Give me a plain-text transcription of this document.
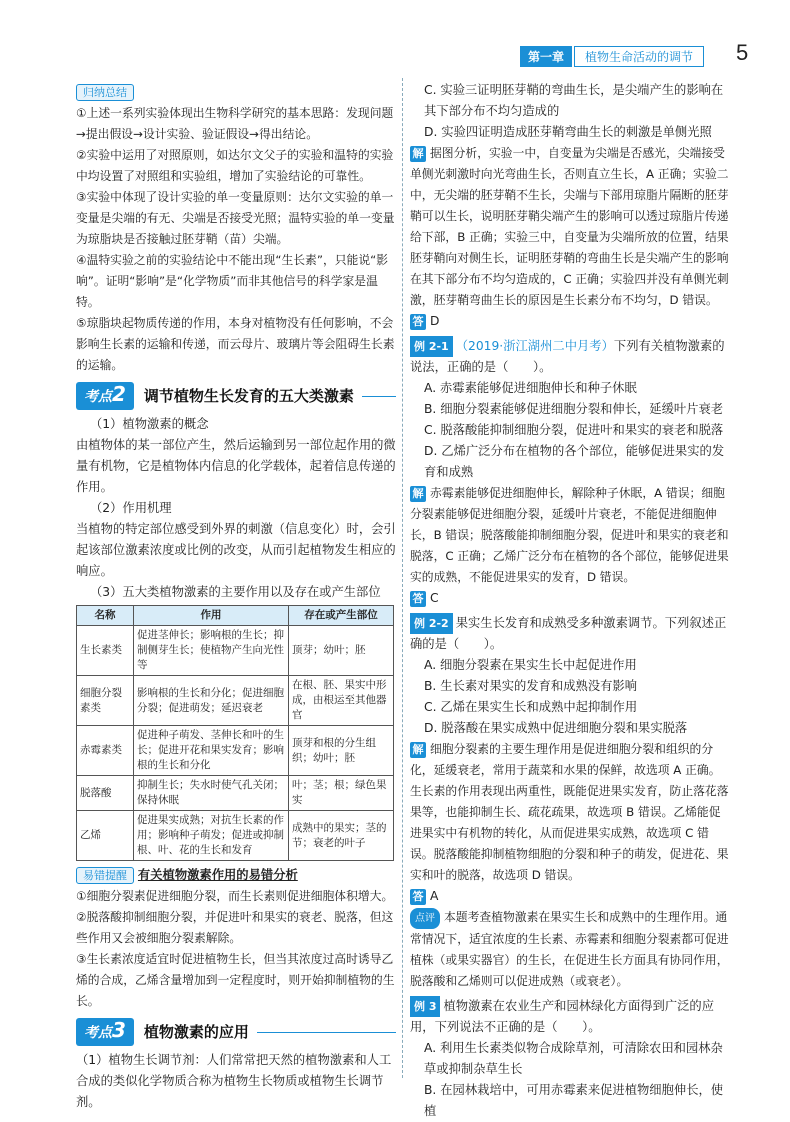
第一章	植物生命活动的调节	5
归纳总结

①上述一系列实验体现出生物科学研究的基本思路：发现问题→提出假设→设计实验、验证假设→得出结论。

②实验中运用了对照原则，如达尔文父子的实验和温特的实验中均设置了对照组和实验组，增加了实验结论的可靠性。

③实验中体现了设计实验的单一变量原则：达尔文实验的单一变量是尖端的有无、尖端是否接受光照；温特实验的单一变量为琼脂块是否接触过胚芽鞘（苗）尖端。

④温特实验之前的实验结论中不能出现“生长素”，只能说“影响”。证明“影响”是“化学物质”而非其他信号的科学家是温特。

⑤琼脂块起物质传递的作用，本身对植物没有任何影响，不会影响生长素的运输和传递，而云母片、玻璃片等会阻碍生长素的运输。

考点2	调节植物生长发育的五大类激素

（1）植物激素的概念

由植物体的某一部位产生，然后运输到另一部位起作用的微量有机物，它是植物体内信息的化学载体，起着信息传递的作用。

（2）作用机理

当植物的特定部位感受到外界的刺激（信息变化）时，会引起该部位激素浓度或比例的改变，从而引起植物发生相应的响应。

（3）五大类植物激素的主要作用以及存在或产生部位

名称	作用	存在或产生部位
生长素类	促进茎伸长；影响根的生长；抑制侧芽生长；使植物产生向光性等	顶芽；幼叶；胚
细胞分裂素类	影响根的生长和分化；促进细胞分裂；促进萌发；延迟衰老	在根、胚、果实中形成，由根运至其他器官
赤霉素类	促进种子萌发、茎伸长和叶的生长；促进开花和果实发育；影响根的生长和分化	顶芽和根的分生组织；幼叶；胚
脱落酸	抑制生长；失水时使气孔关闭；保持休眠	叶；茎；根；绿色果实
乙烯	促进果实成熟；对抗生长素的作用；影响种子萌发；促进或抑制根、叶、花的生长和发育	成熟中的果实；茎的节；衰老的叶子

易错提醒 有关植物激素作用的易错分析

①细胞分裂素促进细胞分裂，而生长素则促进细胞体积增大。

②脱落酸抑制细胞分裂，并促进叶和果实的衰老、脱落，但这些作用又会被细胞分裂素解除。

③生长素浓度适宜时促进植物生长，但当其浓度过高时诱导乙烯的合成，乙烯含量增加到一定程度时，则开始抑制植物的生长。

考点3	植物激素的应用

（1）植物生长调节剂：人们常常把天然的植物激素和人工合成的类似化学物质合称为植物生长物质或植物生长调节剂。

C. 实验三证明胚芽鞘的弯曲生长，是尖端产生的影响在其下部分布不均匀造成的

D. 实验四证明造成胚芽鞘弯曲生长的刺激是单侧光照

解 据图分析，实验一中，自变量为尖端是否感光，尖端接受单侧光刺激时向光弯曲生长，否则直立生长，A 正确；实验二中，无尖端的胚芽鞘不生长，尖端与下部用琼脂片隔断的胚芽鞘可以生长，说明胚芽鞘尖端产生的影响可以透过琼脂片传递给下部，B 正确；实验三中，自变量为尖端所放的位置，结果胚芽鞘向对侧生长，证明胚芽鞘的弯曲生长是尖端产生的影响在其下部分布不均匀造成的，C 正确；实验四并没有单侧光刺激，胚芽鞘弯曲生长的原因是生长素分布不均匀，D 错误。

答 D

例 2-1 （2019·浙江湖州二中月考）下列有关植物激素的说法，正确的是（　　）。

A. 赤霉素能够促进细胞伸长和种子休眠

B. 细胞分裂素能够促进细胞分裂和伸长，延缓叶片衰老

C. 脱落酸能抑制细胞分裂，促进叶和果实的衰老和脱落

D. 乙烯广泛分布在植物的各个部位，能够促进果实的发育和成熟

解 赤霉素能够促进细胞伸长，解除种子休眠，A 错误；细胞分裂素能够促进细胞分裂，延缓叶片衰老，不能促进细胞伸长，B 错误；脱落酸能抑制细胞分裂，促进叶和果实的衰老和脱落，C 正确；乙烯广泛分布在植物的各个部位，能够促进果实的成熟，不能促进果实的发育，D 错误。

答 C

例 2-2 果实生长发育和成熟受多种激素调节。下列叙述正确的是（　　）。

A. 细胞分裂素在果实生长中起促进作用

B. 生长素对果实的发育和成熟没有影响

C. 乙烯在果实生长和成熟中起抑制作用

D. 脱落酸在果实成熟中促进细胞分裂和果实脱落

解 细胞分裂素的主要生理作用是促进细胞分裂和组织的分化，延缓衰老，常用于蔬菜和水果的保鲜，故选项 A 正确。生长素的作用表现出两重性，既能促进果实发育，防止落花落果等，也能抑制生长、疏花疏果，故选项 B 错误。乙烯能促进果实中有机物的转化，从而促进果实成熟，故选项 C 错误。脱落酸能抑制植物细胞的分裂和种子的萌发，促进花、果实和叶的脱落，故选项 D 错误。

答 A

点评 本题考查植物激素在果实生长和成熟中的生理作用。通常情况下，适宜浓度的生长素、赤霉素和细胞分裂素都可促进植株（或果实器官）的生长，在促进生长方面具有协同作用，脱落酸和乙烯则可以促进成熟（或衰老）。

例 3 植物激素在农业生产和园林绿化方面得到广泛的应用，下列说法不正确的是（　　）。

A. 利用生长素类似物合成除草剂，可清除农田和园林杂草或抑制杂草生长

B. 在园林栽培中，可用赤霉素来促进植物细胞伸长，使植
